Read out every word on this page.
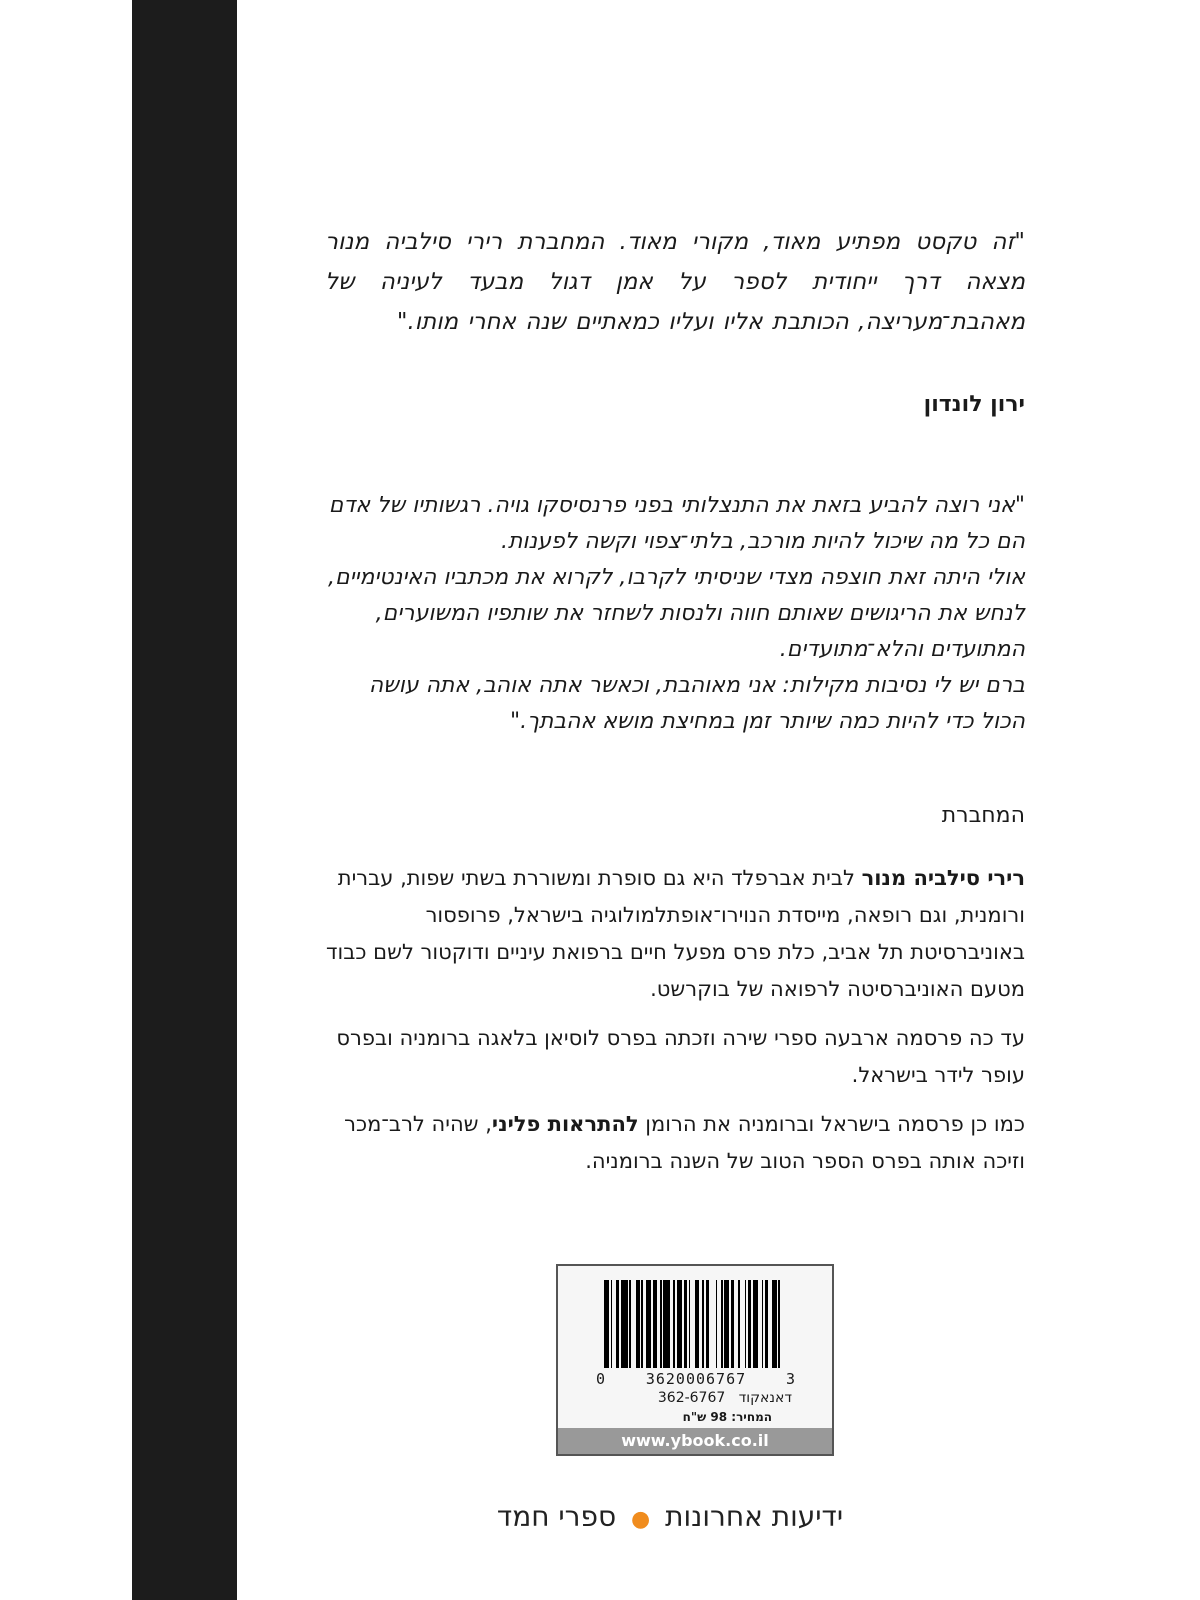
"זה טקסט מפתיע מאוד, מקורי מאוד. המחברת רירי סילביה מנור מצאה דרך ייחודית לספר על אמן דגול מבעד לעיניה של מאהבת־מעריצה, הכותבת אליו ועליו כמאתיים שנה אחרי מותו."
ירון לונדון

"אני רוצה להביע בזאת את התנצלותי בפני פרנסיסקו גויה. רגשותיו של אדם הם כל מה שיכול להיות מורכב, בלתי־צפוי וקשה לפענות.

אולי היתה זאת חוצפה מצדי שניסיתי לקרבו, לקרוא את מכתביו האינטימיים, לנחש את הריגושים שאותם חווה ולנסות לשחזר את שותפיו המשוערים, המתועדים והלא־מתועדים.

ברם יש לי נסיבות מקילות: אני מאוהבת, וכאשר אתה אוהב, אתה עושה הכול כדי להיות כמה שיותר זמן במחיצת מושא אהבתך."

המחברת

רירי סילביה מנור לבית אברפלד היא גם סופרת ומשוררת בשתי שפות, עברית ורומנית, וגם רופאה, מייסדת הנוירו־אופתלמולוגיה בישראל, פרופסור באוניברסיטת תל אביב, כלת פרס מפעל חיים ברפואת עיניים ודוקטור לשם כבוד מטעם האוניברסיטה לרפואה של בוקרשט.

עד כה פרסמה ארבעה ספרי שירה וזכתה בפרס לוסיאן בלאגה ברומניה ובפרס עופר לידר בישראל.

כמו כן פרסמה בישראל וברומניה את הרומן להתראות פליני, שהיה לרב־מכר וזיכה אותה בפרס הספר הטוב של השנה ברומניה.

0	3620006767	3
דאנאקוד   362-6767
המחיר: 98 ש"ח
www.ybook.co.il
ידיעות אחרונות ● ספרי חמד
